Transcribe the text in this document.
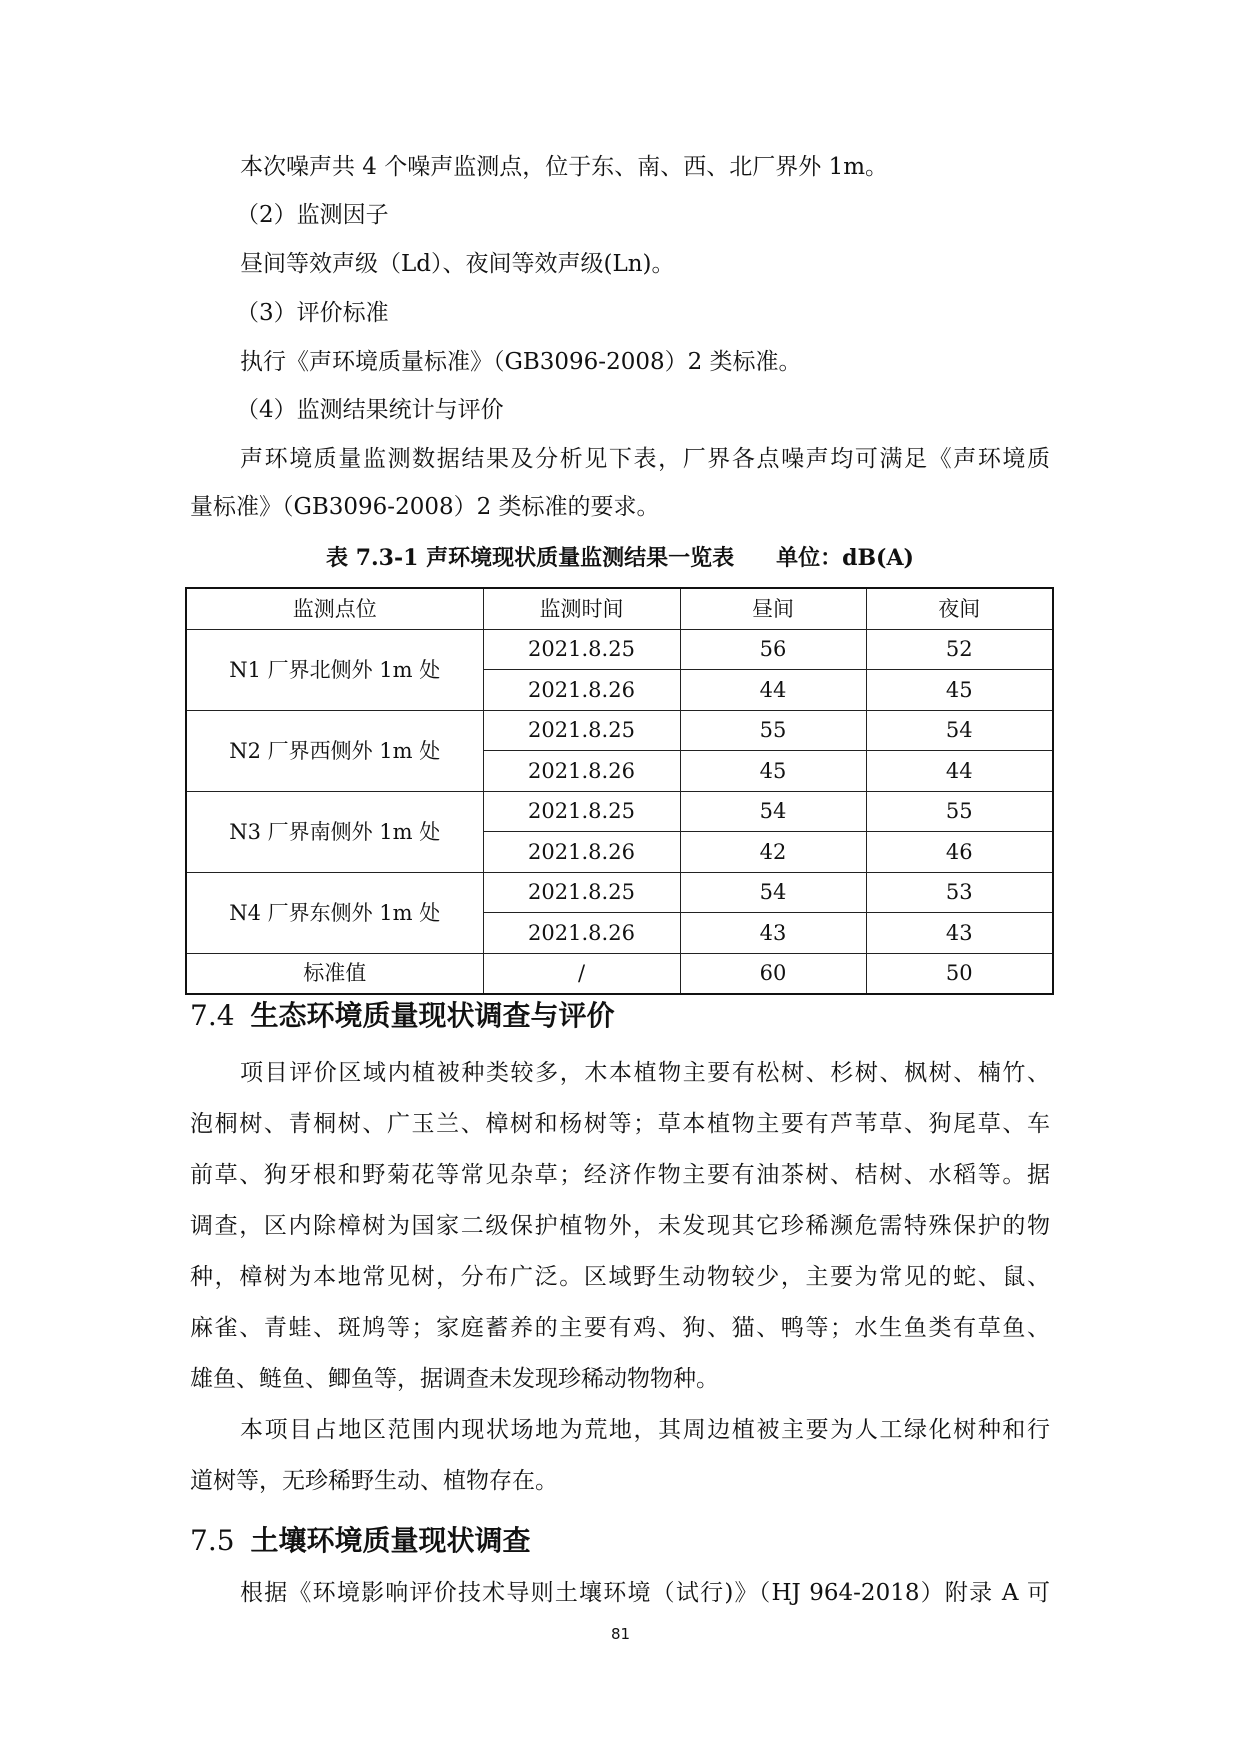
本次噪声共 4 个噪声监测点，位于东、南、西、北厂界外 1m。
（2）监测因子
昼间等效声级（Ld）、夜间等效声级(Ln)。
（3）评价标准
执行《声环境质量标准》（GB3096-2008）2 类标准。
（4）监测结果统计与评价
声环境质量监测数据结果及分析见下表，厂界各点噪声均可满足《声环境质
量标准》（GB3096-2008）2 类标准的要求。
表 7.3-1 声环境现状质量监测结果一览表 单位：dB(A)
监测点位	监测时间	昼间	夜间
N1 厂界北侧外 1m 处	2021.8.25	56	52
	2021.8.26	44	45
N2 厂界西侧外 1m 处	2021.8.25	55	54
	2021.8.26	45	44
N3 厂界南侧外 1m 处	2021.8.25	54	55
	2021.8.26	42	46
N4 厂界东侧外 1m 处	2021.8.25	54	53
	2021.8.26	43	43
标准值	/	60	50
7.4 生态环境质量现状调查与评价
项目评价区域内植被种类较多，木本植物主要有松树、杉树、枫树、楠竹、
泡桐树、青桐树、广玉兰、樟树和杨树等；草本植物主要有芦苇草、狗尾草、车
前草、狗牙根和野菊花等常见杂草；经济作物主要有油茶树、桔树、水稻等。据
调查，区内除樟树为国家二级保护植物外，未发现其它珍稀濒危需特殊保护的物
种，樟树为本地常见树，分布广泛。区域野生动物较少，主要为常见的蛇、鼠、
麻雀、青蛙、斑鸠等；家庭蓄养的主要有鸡、狗、猫、鸭等；水生鱼类有草鱼、
雄鱼、鲢鱼、鲫鱼等，据调查未发现珍稀动物物种。
本项目占地区范围内现状场地为荒地，其周边植被主要为人工绿化树种和行
道树等，无珍稀野生动、植物存在。
7.5 土壤环境质量现状调查
根据《环境影响评价技术导则土壤环境（试行)》（HJ 964-2018）附录 A 可
81
